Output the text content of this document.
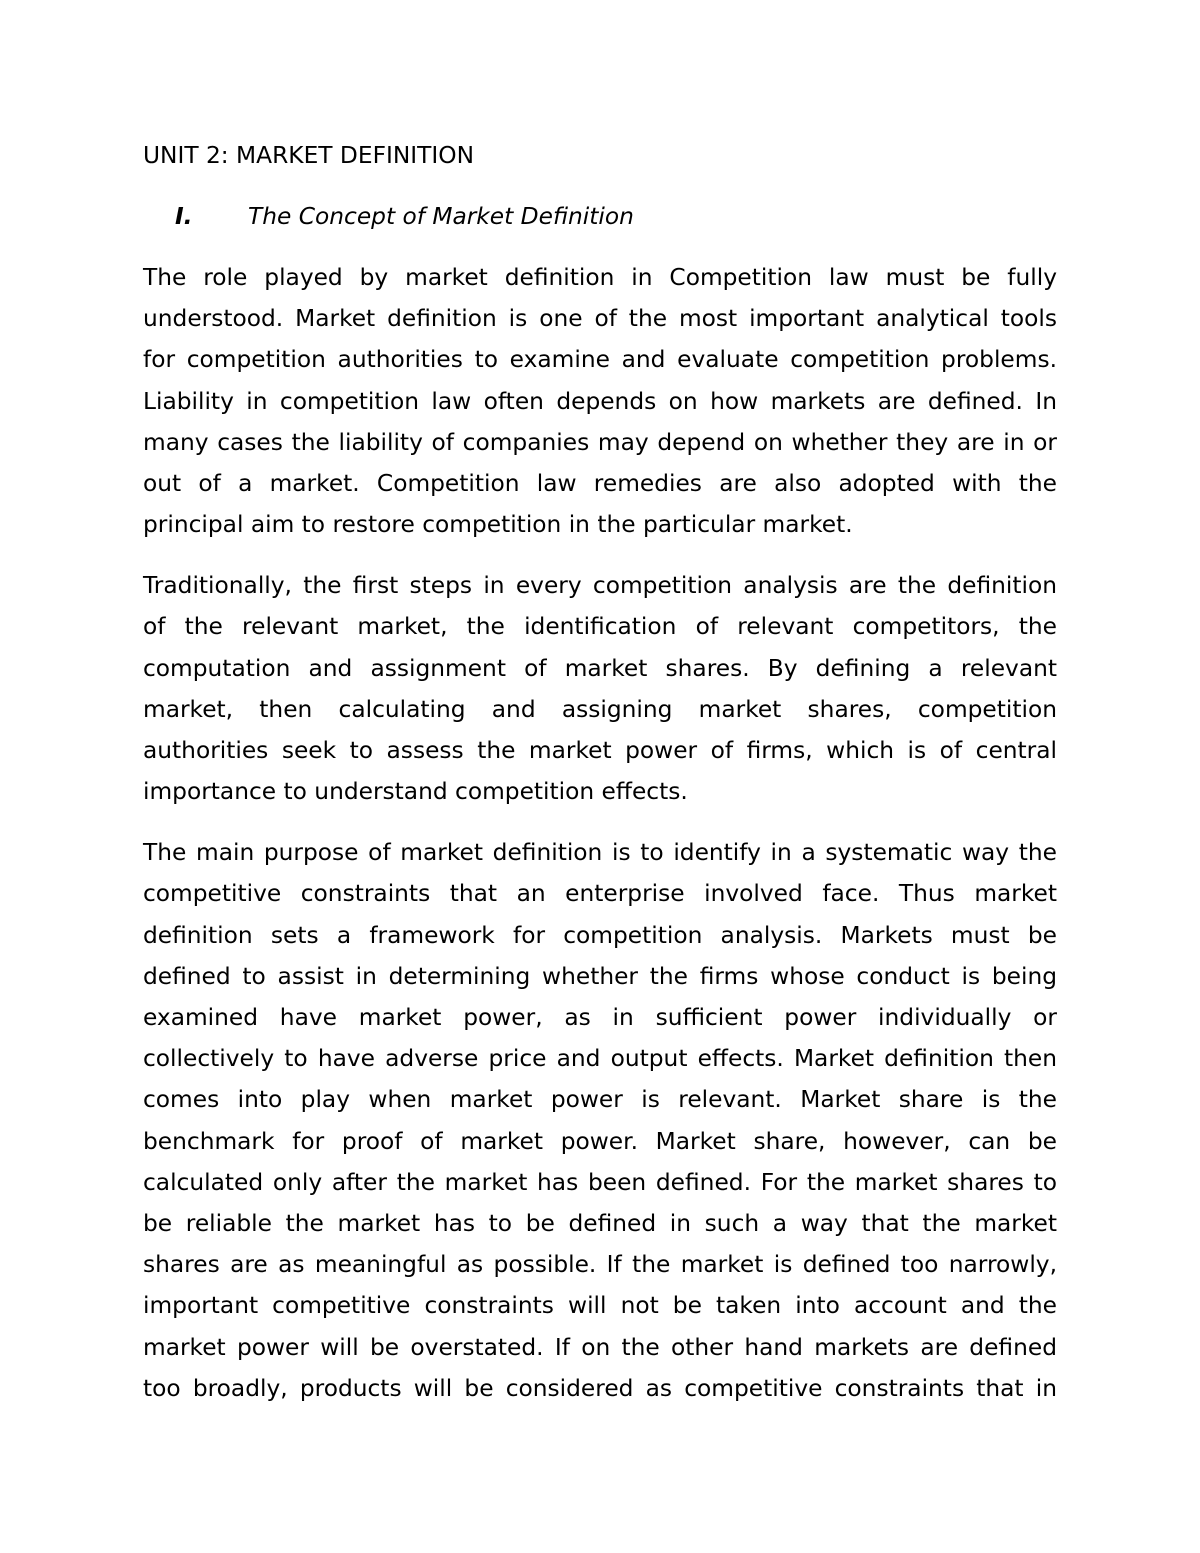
UNIT 2: MARKET DEFINITION
I.	The Concept of Market Definition
The role played by market definition in Competition law must be fully
understood. Market definition is one of the most important analytical tools
for competition authorities to examine and evaluate competition problems.
Liability in competition law often depends on how markets are defined. In
many cases the liability of companies may depend on whether they are in or
out of a market. Competition law remedies are also adopted with the
principal aim to restore competition in the particular market.
Traditionally, the first steps in every competition analysis are the definition
of the relevant market, the identification of relevant competitors, the
computation and assignment of market shares. By defining a relevant
market, then calculating and assigning market shares, competition
authorities seek to assess the market power of firms, which is of central
importance to understand competition effects.
The main purpose of market definition is to identify in a systematic way the
competitive constraints that an enterprise involved face. Thus market
definition sets a framework for competition analysis. Markets must be
defined to assist in determining whether the firms whose conduct is being
examined have market power, as in sufficient power individually or
collectively to have adverse price and output effects. Market definition then
comes into play when market power is relevant. Market share is the
benchmark for proof of market power. Market share, however, can be
calculated only after the market has been defined. For the market shares to
be reliable the market has to be defined in such a way that the market
shares are as meaningful as possible. If the market is defined too narrowly,
important competitive constraints will not be taken into account and the
market power will be overstated. If on the other hand markets are defined
too broadly, products will be considered as competitive constraints that in
